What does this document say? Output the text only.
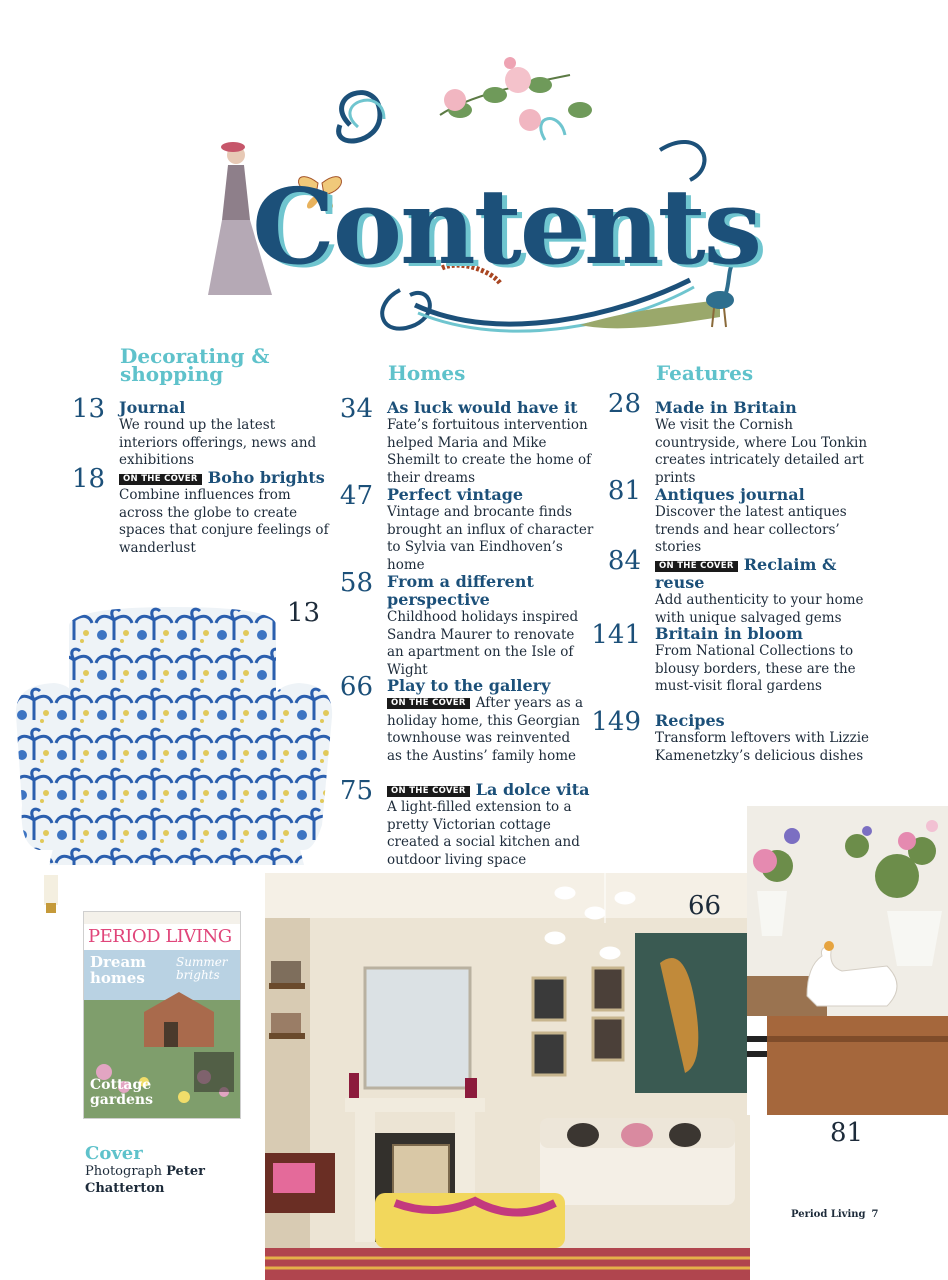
Contents
Decorating & shopping	Homes	Features
13 Journal
We round up the latest interiors offerings, news and exhibitions
18	ON THE COVER Boho brights
Combine influences from across the globe to create spaces that conjure feelings of wanderlust
34 As luck would have it
Fate’s fortuitous intervention helped Maria and Mike Shemilt to create the home of their dreams
47 Perfect vintage
Vintage and brocante finds brought an influx of character to Sylvia van Eindhoven’s home
58 From a different perspective
Childhood holidays inspired Sandra Maurer to renovate an apartment on the Isle of Wight
66 Play to the gallery
ON THE COVER After years as a holiday home, this Georgian townhouse was reinvented as the Austins’ family home
75	ON THE COVER La dolce vita
A light-filled extension to a pretty Victorian cottage created a social kitchen and outdoor living space
28 Made in Britain
We visit the Cornish countryside, where Lou Tonkin creates intricately detailed art prints
81 Antiques journal
Discover the latest antiques trends and hear collectors’ stories
84	ON THE COVER Reclaim & reuse
Add authenticity to your home with unique salvaged gems
141 Britain in bloom
From National Collections to blousy borders, these are the must-visit floral gardens
149 Recipes
Transform leftovers with Lizzie Kamenetzky’s delicious dishes
13
66
81
PERIOD LIVING
Dream homes
Summer brights
Cottage gardens
Cover
Photograph Peter Chatterton
Period Living 7
